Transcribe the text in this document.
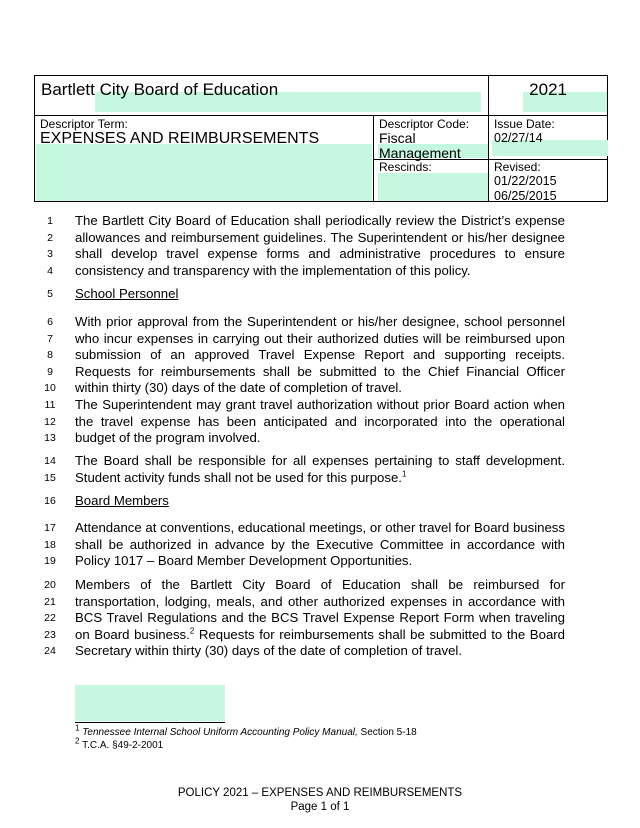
Bartlett City Board of Education	2021
Descriptor Term:
EXPENSES AND REIMBURSEMENTS
Descriptor Code:
Fiscal
Management
Issue Date:
02/27/14
Rescinds:	Revised:
01/22/2015
06/25/2015
1
2
3
4
5
6
7
8
9
10
11
12
13
14
15
16
17
18
19
20
21
22
23
24
The Bartlett City Board of Education shall periodically review the District’s expense allowances and reimbursement guidelines. The Superintendent or his/her designee shall develop travel expense forms and administrative procedures to ensure consistency and transparency with the implementation of this policy.
School Personnel
With prior approval from the Superintendent or his/her designee, school personnel who incur expenses in carrying out their authorized duties will be reimbursed upon submission of an approved Travel Expense Report and supporting receipts. Requests for reimbursements shall be submitted to the Chief Financial Officer within thirty (30) days of the date of completion of travel.
The Superintendent may grant travel authorization without prior Board action when the travel expense has been anticipated and incorporated into the operational budget of the program involved.
The Board shall be responsible for all expenses pertaining to staff development. Student activity funds shall not be used for this purpose.$^1$
Board Members
Attendance at conventions, educational meetings, or other travel for Board business shall be authorized in advance by the Executive Committee in accordance with Policy 1017 – Board Member Development Opportunities.
Members of the Bartlett City Board of Education shall be reimbursed for transportation, lodging, meals, and other authorized expenses in accordance with BCS Travel Regulations and the BCS Travel Expense Report Form when traveling on Board business.$^2$ Requests for reimbursements shall be submitted to the Board Secretary within thirty (30) days of the date of completion of travel.
$^1$ Tennessee Internal School Uniform Accounting Policy Manual, Section 5-18
$^2$ T.C.A. §49-2-2001
POLICY 2021 – EXPENSES AND REIMBURSEMENTS
Page 1 of 1
